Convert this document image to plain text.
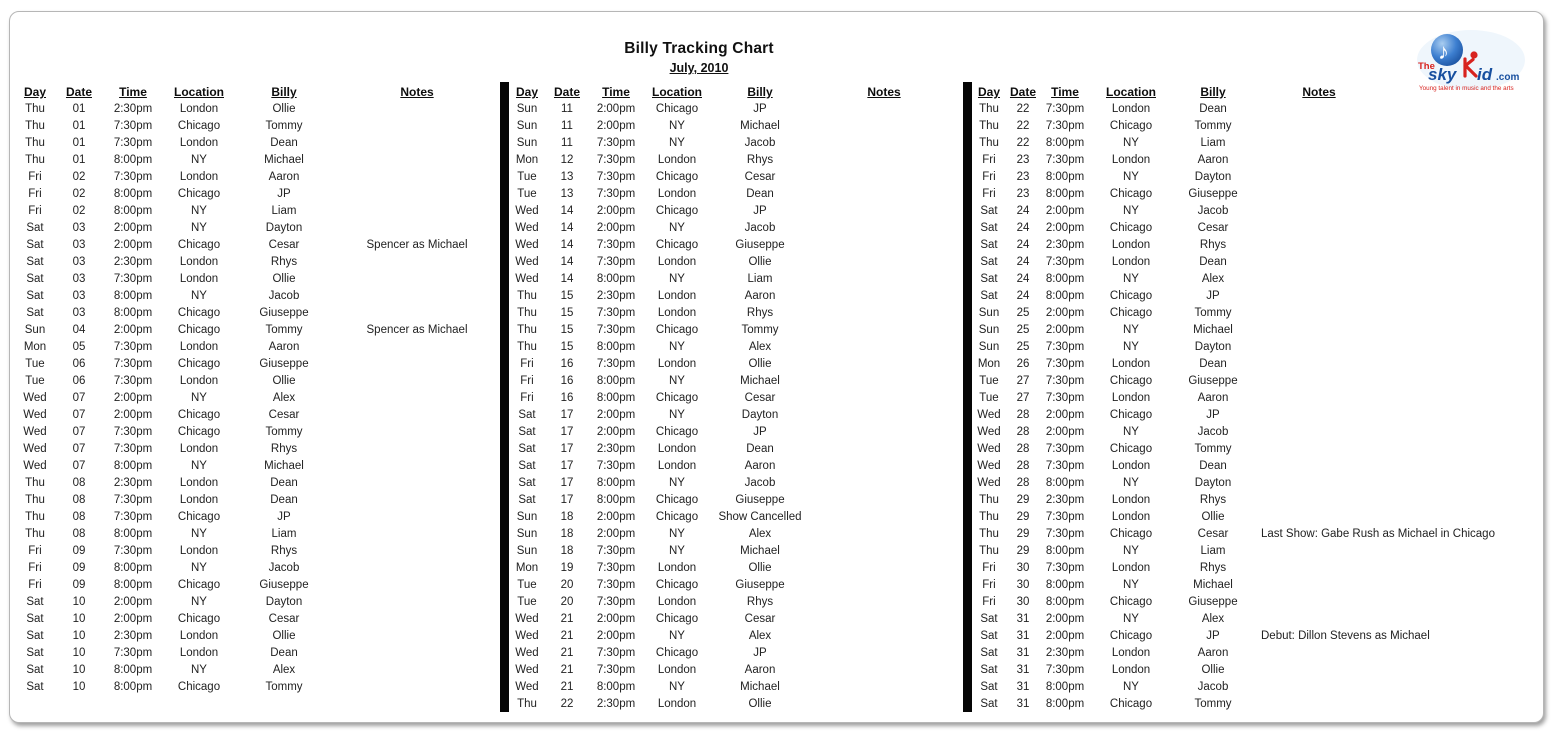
Billy Tracking Chart
July, 2010
♪
The
sky id .com
Young talent in music and the arts
Day	Date	Time	Location	Billy	Notes
Thu	01	2:30pm	London	Ollie
Thu	01	7:30pm	Chicago	Tommy
Thu	01	7:30pm	London	Dean
Thu	01	8:00pm	NY	Michael
Fri	02	7:30pm	London	Aaron
Fri	02	8:00pm	Chicago	JP
Fri	02	8:00pm	NY	Liam
Sat	03	2:00pm	NY	Dayton
Sat	03	2:00pm	Chicago	Cesar	Spencer as Michael
Sat	03	2:30pm	London	Rhys
Sat	03	7:30pm	London	Ollie
Sat	03	8:00pm	NY	Jacob
Sat	03	8:00pm	Chicago	Giuseppe
Sun	04	2:00pm	Chicago	Tommy	Spencer as Michael
Mon	05	7:30pm	London	Aaron
Tue	06	7:30pm	Chicago	Giuseppe
Tue	06	7:30pm	London	Ollie
Wed	07	2:00pm	NY	Alex
Wed	07	2:00pm	Chicago	Cesar
Wed	07	7:30pm	Chicago	Tommy
Wed	07	7:30pm	London	Rhys
Wed	07	8:00pm	NY	Michael
Thu	08	2:30pm	London	Dean
Thu	08	7:30pm	London	Dean
Thu	08	7:30pm	Chicago	JP
Thu	08	8:00pm	NY	Liam
Fri	09	7:30pm	London	Rhys
Fri	09	8:00pm	NY	Jacob
Fri	09	8:00pm	Chicago	Giuseppe
Sat	10	2:00pm	NY	Dayton
Sat	10	2:00pm	Chicago	Cesar
Sat	10	2:30pm	London	Ollie
Sat	10	7:30pm	London	Dean
Sat	10	8:00pm	NY	Alex
Sat	10	8:00pm	Chicago	Tommy
Day	Date	Time	Location	Billy	Notes
Sun	11	2:00pm	Chicago	JP
Sun	11	2:00pm	NY	Michael
Sun	11	7:30pm	NY	Jacob
Mon	12	7:30pm	London	Rhys
Tue	13	7:30pm	Chicago	Cesar
Tue	13	7:30pm	London	Dean
Wed	14	2:00pm	Chicago	JP
Wed	14	2:00pm	NY	Jacob
Wed	14	7:30pm	Chicago	Giuseppe
Wed	14	7:30pm	London	Ollie
Wed	14	8:00pm	NY	Liam
Thu	15	2:30pm	London	Aaron
Thu	15	7:30pm	London	Rhys
Thu	15	7:30pm	Chicago	Tommy
Thu	15	8:00pm	NY	Alex
Fri	16	7:30pm	London	Ollie
Fri	16	8:00pm	NY	Michael
Fri	16	8:00pm	Chicago	Cesar
Sat	17	2:00pm	NY	Dayton
Sat	17	2:00pm	Chicago	JP
Sat	17	2:30pm	London	Dean
Sat	17	7:30pm	London	Aaron
Sat	17	8:00pm	NY	Jacob
Sat	17	8:00pm	Chicago	Giuseppe
Sun	18	2:00pm	Chicago	Show Cancelled
Sun	18	2:00pm	NY	Alex
Sun	18	7:30pm	NY	Michael
Mon	19	7:30pm	London	Ollie
Tue	20	7:30pm	Chicago	Giuseppe
Tue	20	7:30pm	London	Rhys
Wed	21	2:00pm	Chicago	Cesar
Wed	21	2:00pm	NY	Alex
Wed	21	7:30pm	Chicago	JP
Wed	21	7:30pm	London	Aaron
Wed	21	8:00pm	NY	Michael
Thu	22	2:30pm	London	Ollie
Day Date	Time	Location	Billy	Notes
Thu	22	7:30pm	London	Dean
Thu	22	7:30pm	Chicago	Tommy
Thu	22	8:00pm	NY	Liam
Fri	23	7:30pm	London	Aaron
Fri	23	8:00pm	NY	Dayton
Fri	23	8:00pm	Chicago	Giuseppe
Sat	24	2:00pm	NY	Jacob
Sat	24	2:00pm	Chicago	Cesar
Sat	24	2:30pm	London	Rhys
Sat	24	7:30pm	London	Dean
Sat	24	8:00pm	NY	Alex
Sat	24	8:00pm	Chicago	JP
Sun	25	2:00pm	Chicago	Tommy
Sun	25	2:00pm	NY	Michael
Sun	25	7:30pm	NY	Dayton
Mon	26	7:30pm	London	Dean
Tue	27	7:30pm	Chicago	Giuseppe
Tue	27	7:30pm	London	Aaron
Wed	28	2:00pm	Chicago	JP
Wed	28	2:00pm	NY	Jacob
Wed	28	7:30pm	Chicago	Tommy
Wed	28	7:30pm	London	Dean
Wed	28	8:00pm	NY	Dayton
Thu	29	2:30pm	London	Rhys
Thu	29	7:30pm	London	Ollie
Thu	29	7:30pm	Chicago	Cesar	Last Show: Gabe Rush as Michael in Chicago
Thu	29	8:00pm	NY	Liam
Fri	30	7:30pm	London	Rhys
Fri	30	8:00pm	NY	Michael
Fri	30	8:00pm	Chicago	Giuseppe
Sat	31	2:00pm	NY	Alex
Sat	31	2:00pm	Chicago	JP	Debut: Dillon Stevens as Michael
Sat	31	2:30pm	London	Aaron
Sat	31	7:30pm	London	Ollie
Sat	31	8:00pm	NY	Jacob
Sat	31	8:00pm	Chicago	Tommy
